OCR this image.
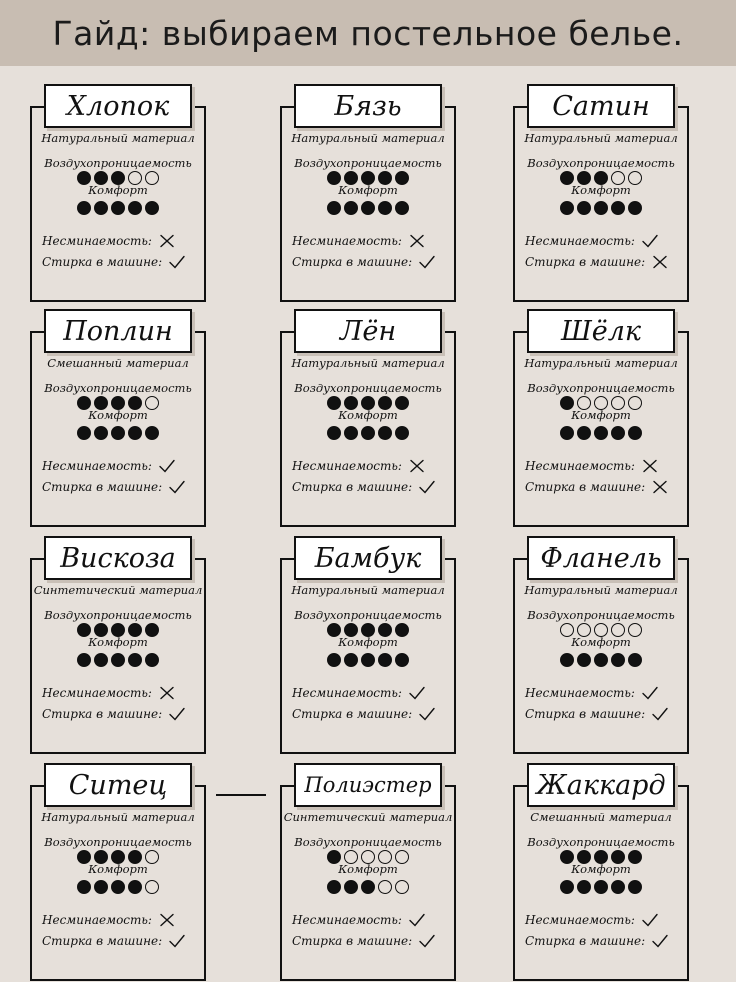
Гайд: выбираем постельное белье.
Хлопок
Натуральный материал
Воздухопроницаемость
Комфорт
Несминаемость:
Стирка в машине:
Бязь
Натуральный материал
Воздухопроницаемость
Комфорт
Несминаемость:
Стирка в машине:
Сатин
Натуральный материал
Воздухопроницаемость
Комфорт
Несминаемость:
Стирка в машине:
Поплин
Смешанный материал
Воздухопроницаемость
Комфорт
Несминаемость:
Стирка в машине:
Лён
Натуральный материал
Воздухопроницаемость
Комфорт
Несминаемость:
Стирка в машине:
Шёлк
Натуральный материал
Воздухопроницаемость
Комфорт
Несминаемость:
Стирка в машине:
Вискоза
Синтетический материал
Воздухопроницаемость
Комфорт
Несминаемость:
Стирка в машине:
Бамбук
Натуральный материал
Воздухопроницаемость
Комфорт
Несминаемость:
Стирка в машине:
Фланель
Натуральный материал
Воздухопроницаемость
Комфорт
Несминаемость:
Стирка в машине:
Ситец
Натуральный материал
Воздухопроницаемость
Комфорт
Несминаемость:
Стирка в машине:
Полиэстер
Синтетический материал
Воздухопроницаемость
Комфорт
Несминаемость:
Стирка в машине:
Жаккард
Смешанный материал
Воздухопроницаемость
Комфорт
Несминаемость:
Стирка в машине:
